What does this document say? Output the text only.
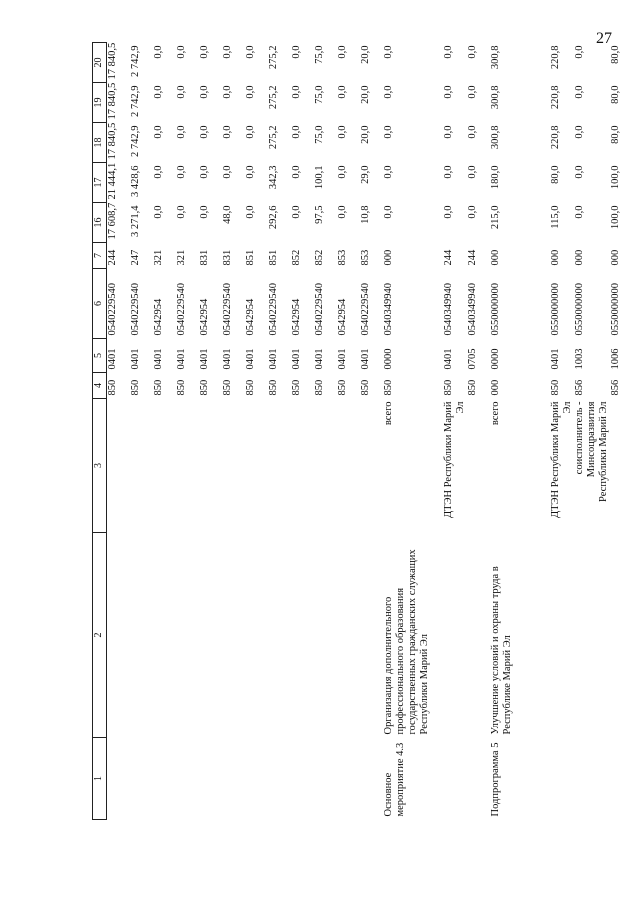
27
1	2	3	4	5	6	7	16	17	18	19	20
			850	0401	0540229540	244	17 608,7	21 444,1	17 840,5	17 840,5	17 840,5
			850	0401	0540229540	247	3 271,4	3 428,6	2 742,9	2 742,9	2 742,9
			850	0401	0542954	321	0,0	0,0	0,0	0,0	0,0
			850	0401	0540229540	321	0,0	0,0	0,0	0,0	0,0
			850	0401	0542954	831	0,0	0,0	0,0	0,0	0,0
			850	0401	0540229540	831	48,0	0,0	0,0	0,0	0,0
			850	0401	0542954	851	0,0	0,0	0,0	0,0	0,0
			850	0401	0540229540	851	292,6	342,3	275,2	275,2	275,2
			850	0401	0542954	852	0,0	0,0	0,0	0,0	0,0
			850	0401	0540229540	852	97,5	100,1	75,0	75,0	75,0
			850	0401	0542954	853	0,0	0,0	0,0	0,0	0,0
			850	0401	0540229540	853	10,8	29,0	20,0	20,0	20,0
Основное мероприятие 4.3	Организация дополнительного профессионального образования государственных гражданских служащих Республики Марий Эл	всего	850	0000	0540349940	000	0,0	0,0	0,0	0,0	0,0
		ДТЭН Республики Марий Эл	850	0401	0540349940	244	0,0	0,0	0,0	0,0	0,0
			850	0705	0540349940	244	0,0	0,0	0,0	0,0	0,0
Подпрограмма 5	Улучшение условий и охраны труда в Республике Марий Эл	всего	000	0000	0550000000	000	215,0	180,0	300,8	300,8	300,8
		ДТЭН Республики Марий Эл	850	0401	0550000000	000	115,0	80,0	220,8	220,8	220,8
		соисполнитель - Минсоцразвития Республики Марий Эл	856	1003	0550000000	000	0,0	0,0	0,0	0,0	0,0
			856	1006	0550000000	000	100,0	100,0	80,0	80,0	80,0
